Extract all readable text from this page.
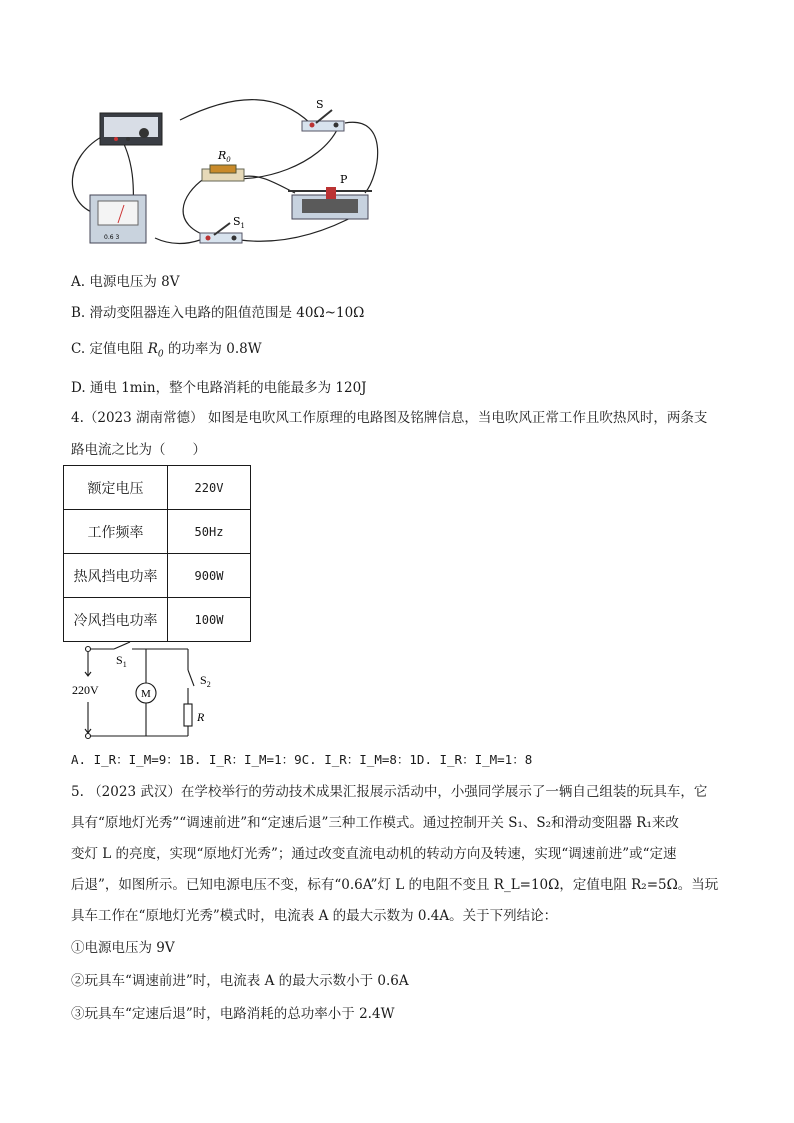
S
$R_0$
P
0.6 3
$S_1$
A. 电源电压为 8V
B. 滑动变阻器连入电路的阻值范围是 40Ω~10Ω
C. 定值电阻 $R_0$ 的功率为 0.8W
D. 通电 1min，整个电路消耗的电能最多为 120J
4.（2023 湖南常德） 如图是电吹风工作原理的电路图及铭牌信息，当电吹风正常工作且吹热风时，两条支
路电流之比为（　　）
额定电压	220V
工作频率	50Hz
热风挡电功率	900W
冷风挡电功率	100W
$S_1$
$S_2$
220V	M
R
A. I_R：I_M=9：1B. I_R：I_M=1：9C. I_R：I_M=8：1D. I_R：I_M=1：8
5. （2023 武汉）在学校举行的劳动技术成果汇报展示活动中，小强同学展示了一辆自己组装的玩具车，它
具有“原地灯光秀”“调速前进”和“定速后退”三种工作模式。通过控制开关 S₁、S₂和滑动变阻器 R₁来改
变灯 L 的亮度，实现“原地灯光秀”；通过改变直流电动机的转动方向及转速，实现“调速前进”或“定速
后退”，如图所示。已知电源电压不变，标有“0.6A”灯 L 的电阻不变且 R_L=10Ω，定值电阻 R₂=5Ω。当玩
具车工作在“原地灯光秀”模式时，电流表 A 的最大示数为 0.4A。关于下列结论：
①电源电压为 9V
②玩具车“调速前进”时，电流表 A 的最大示数小于 0.6A
③玩具车“定速后退”时，电路消耗的总功率小于 2.4W
